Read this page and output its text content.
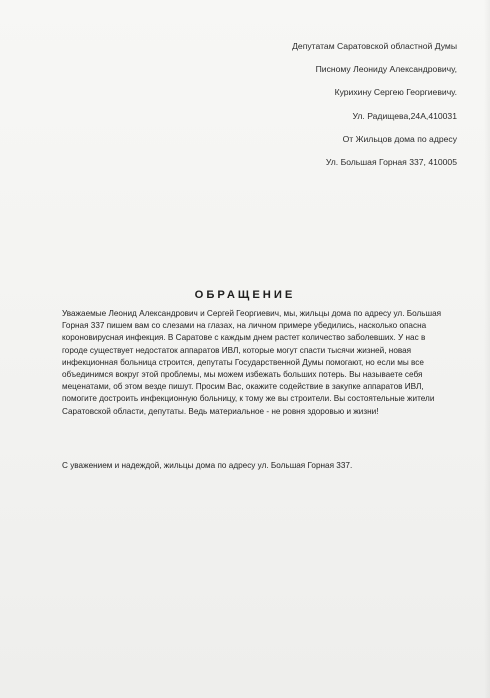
Депутатам Саратовской областной Думы
Писному Леониду Александровичу,
Курихину Сергею Георгиевичу.
Ул. Радищева,24А,410031
От Жильцов дома по адресу
Ул. Большая Горная 337, 410005
ОБРАЩЕНИЕ

Уважаемые Леонид Александрович и Сергей Георгиевич, мы, жильцы дома по адресу ул. Большая

Горная 337 пишем вам со слезами на глазах, на личном примере убедились, насколько опасна

короновирусная инфекция. В Саратове с каждым днем растет количество заболевших. У нас в

городе существует недостаток аппаратов ИВЛ, которые могут спасти тысячи жизней, новая

инфекционная больница строится, депутаты Государственной Думы помогают, но если мы все

объединимся вокруг этой проблемы, мы можем избежать больших потерь. Вы называете себя

меценатами, об этом везде пишут. Просим Вас, окажите содействие в закупке аппаратов ИВЛ,

помогите достроить инфекционную больницу, к тому же вы строители. Вы состоятельные жители

Саратовской области, депутаты. Ведь материальное - не ровня здоровью и жизни!

С уважением и надеждой, жильцы дома по адресу ул. Большая Горная 337.
